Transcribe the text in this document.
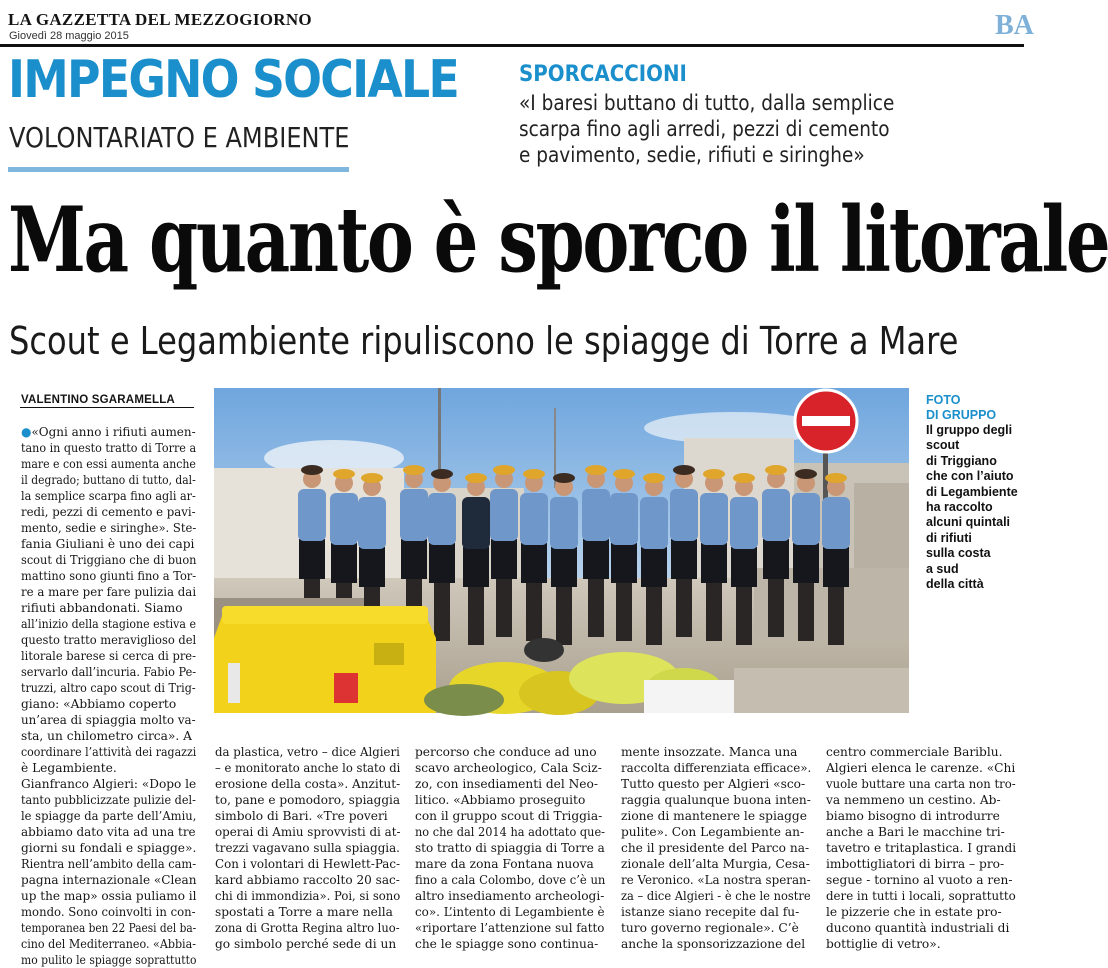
LA GAZZETTA DEL MEZZOGIORNO
Giovedì 28 maggio 2015	BA
IMPEGNO SOCIALE
VOLONTARIATO E AMBIENTE
SPORCACCIONI
«I baresi buttano di tutto, dalla semplice
scarpa fino agli arredi, pezzi di cemento
e pavimento, sedie, rifiuti e siringhe»
Ma quanto è sporco il litorale
Scout e Legambiente ripuliscono le spiagge di Torre a Mare
VALENTINO SGARAMELLA
●«Ogni anno i rifiuti aumen-
tano in questo tratto di Torre a
mare e con essi aumenta anche
il degrado; buttano di tutto, dal-
la semplice scarpa fino agli ar-
redi, pezzi di cemento e pavi-
mento, sedie e siringhe». Ste-
fania Giuliani è uno dei capi
scout di Triggiano che di buon
mattino sono giunti fino a Tor-
re a mare per fare pulizia dai
rifiuti abbandonati. Siamo
all’inizio della stagione estiva e
questo tratto meraviglioso del
litorale barese si cerca di pre-
servarlo dall’incuria. Fabio Pe-
truzzi, altro capo scout di Trig-
giano: «Abbiamo coperto
un’area di spiaggia molto va-
sta, un chilometro circa». A
coordinare l’attività dei ragazzi
è Legambiente.
Gianfranco Algieri: «Dopo le
tanto pubblicizzate pulizie del-
le spiagge da parte dell’Amiu,
abbiamo dato vita ad una tre
giorni su fondali e spiagge».
Rientra nell’ambito della cam-
pagna internazionale «Clean
up the map» ossia puliamo il
mondo. Sono coinvolti in con-
temporanea ben 22 Paesi del ba-
cino del Mediterraneo. «Abbia-
mo pulito le spiagge soprattutto
FOTO
DI GRUPPO
Il gruppo degli
scout
di Triggiano
che con l’aiuto
di Legambiente
ha raccolto
alcuni quintali
di rifiuti
sulla costa
a sud
della città
da plastica, vetro – dice Algieri
– e monitorato anche lo stato di
erosione della costa». Anzitut-
to, pane e pomodoro, spiaggia
simbolo di Bari. «Tre poveri
operai di Amiu sprovvisti di at-
trezzi vagavano sulla spiaggia.
Con i volontari di Hewlett-Pac-
kard abbiamo raccolto 20 sac-
chi di immondizia». Poi, si sono
spostati a Torre a mare nella
zona di Grotta Regina altro luo-
go simbolo perché sede di un
percorso che conduce ad uno
scavo archeologico, Cala Sciz-
zo, con insediamenti del Neo-
litico. «Abbiamo proseguito
con il gruppo scout di Triggia-
no che dal 2014 ha adottato que-
sto tratto di spiaggia di Torre a
mare da zona Fontana nuova
fino a cala Colombo, dove c’è un
altro insediamento archeologi-
co». L’intento di Legambiente è
«riportare l’attenzione sul fatto
che le spiagge sono continua-
mente insozzate. Manca una
raccolta differenziata efficace».
Tutto questo per Algieri «sco-
raggia qualunque buona inten-
zione di mantenere le spiagge
pulite». Con Legambiente an-
che il presidente del Parco na-
zionale dell’alta Murgia, Cesa-
re Veronico. «La nostra speran-
za – dice Algieri - è che le nostre
istanze siano recepite dal fu-
turo governo regionale». C’è
anche la sponsorizzazione del
centro commerciale Bariblu.
Algieri elenca le carenze. «Chi
vuole buttare una carta non tro-
va nemmeno un cestino. Ab-
biamo bisogno di introdurre
anche a Bari le macchine tri-
tavetro e tritaplastica. I grandi
imbottigliatori di birra – pro-
segue - tornino al vuoto a ren-
dere in tutti i locali, soprattutto
le pizzerie che in estate pro-
ducono quantità industriali di
bottiglie di vetro».
